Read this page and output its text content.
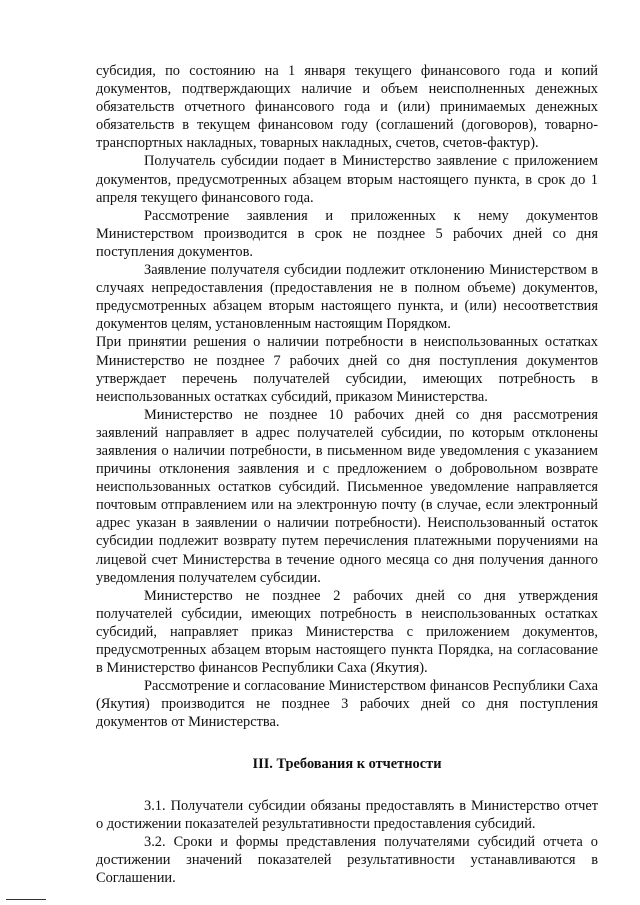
субсидия, по состоянию на 1 января текущего финансового года и копий документов, подтверждающих наличие и объем неисполненных денежных обязательств отчетного финансового года и (или) принимаемых денежных обязательств в текущем финансовом году (соглашений (договоров), товарно-транспортных накладных, товарных накладных, счетов, счетов-фактур).

Получатель субсидии подает в Министерство заявление с приложением документов, предусмотренных абзацем вторым настоящего пункта, в срок до 1 апреля текущего финансового года.

Рассмотрение заявления и приложенных к нему документов Министерством производится в срок не позднее 5 рабочих дней со дня поступления документов.

Заявление получателя субсидии подлежит отклонению Министерством в случаях непредоставления (предоставления не в полном объеме) документов, предусмотренных абзацем вторым настоящего пункта, и (или) несоответствия документов целям, установленным настоящим Порядком.

При принятии решения о наличии потребности в неиспользованных остатках Министерство не позднее 7 рабочих дней со дня поступления документов утверждает перечень получателей субсидии, имеющих потребность в неиспользованных остатках субсидий, приказом Министерства.

Министерство не позднее 10 рабочих дней со дня рассмотрения заявлений направляет в адрес получателей субсидии, по которым отклонены заявления о наличии потребности, в письменном виде уведомления с указанием причины отклонения заявления и с предложением о добровольном возврате неиспользованных остатков субсидий. Письменное уведомление направляется почтовым отправлением или на электронную почту (в случае, если электронный адрес указан в заявлении о наличии потребности). Неиспользованный остаток субсидии подлежит возврату путем перечисления платежными поручениями на лицевой счет Министерства в течение одного месяца со дня получения данного уведомления получателем субсидии.

Министерство не позднее 2 рабочих дней со дня утверждения получателей субсидии, имеющих потребность в неиспользованных остатках субсидий, направляет приказ Министерства с приложением документов, предусмотренных абзацем вторым настоящего пункта Порядка, на согласование в Министерство финансов Республики Саха (Якутия).

Рассмотрение и согласование Министерством финансов Республики Саха (Якутия) производится не позднее 3 рабочих дней со дня поступления документов от Министерства.

III. Требования к отчетности

3.1. Получатели субсидии обязаны предоставлять в Министерство отчет о достижении показателей результативности предоставления субсидий.

3.2. Сроки и формы представления получателями субсидий отчета о достижении значений показателей результативности устанавливаются в Соглашении.
